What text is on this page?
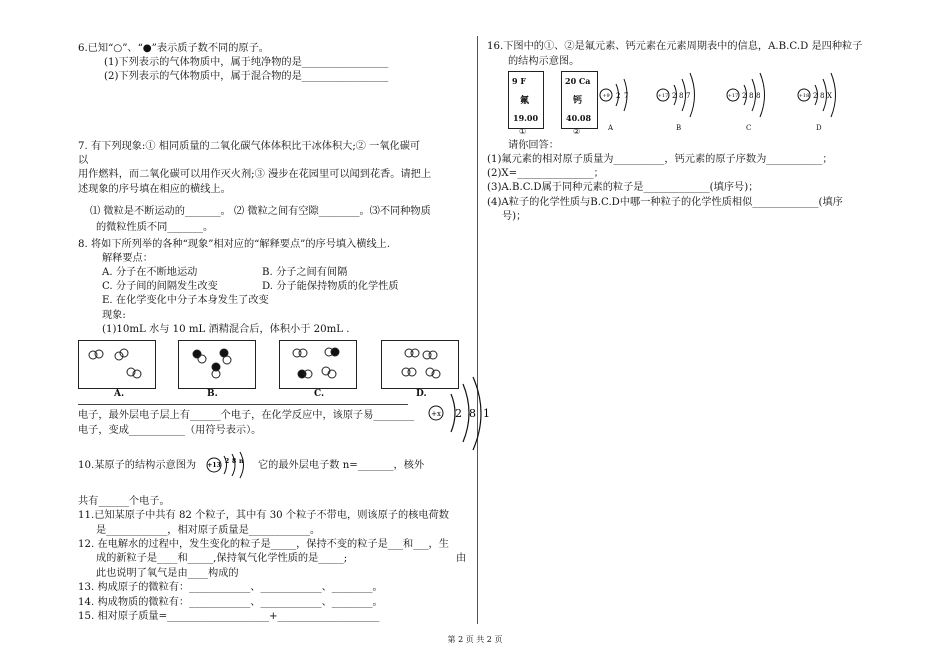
6.已知“○”、“●”表示质子数不同的原子。
(1)下列表示的气体物质中，属于纯净物的是_________________
(2)下列表示的气体物质中，属于混合物的是_________________
7. 有下列现象:① 相同质量的二氧化碳气体体积比干冰体积大;② 一氧化碳可
以
用作燃料，而二氧化碳可以用作灭火剂;③ 漫步在花园里可以闻到花香。请把上
述现象的序号填在相应的横线上。
⑴ 微粒是不断运动的_______。 ⑵ 微粒之间有空隙________。⑶不同种物质
的微粒性质不同_______。
8. 将如下所列举的各种“现象”相对应的“解释要点”的序号填入横线上.
解释要点：
A. 分子在不断地运动	B. 分子之间有间隔
C. 分子间的间隔发生改变	D. 分子能保持物质的化学性质
E. 在化学变化中分子本身发生了改变
现象:
(1)10mL 水与 10 mL 酒精混合后，体积小于 20mL .
A.	B.	C.	D.
电子，最外层电子层上有______个电子，在化学反应中，该原子易________
电子，变成___________（用符号表示）。
+x 2 8 1
10.某原子的结构示意图为 +13
2 8 n 它的最外层电子数 n=_______，核外
共有______个电子。
11.已知某原子中共有 82 个粒子，其中有 30 个粒子不带电，则该原子的核电荷数
是____________，相对原子质量是____________。
12. 在电解水的过程中，发生变化的粒子是_____，保持不变的粒子是___和___，生
成的新粒子是____和_____,保持氧气化学性质的是_____;	由
此也说明了氧气是由____构成的
13. 构成原子的微粒有：____________、____________、________。
14. 构成物质的微粒有：____________、____________、________。
15. 相对原子质量=____________________+____________________
16.下图中的①、②是氟元素、钙元素在元素周期表中的信息，A.B.C.D 是四种粒子
的结构示意图。
9 F
氟
19.00
①
20 Ca
钙
40.08
②
+9 2 7
A
+17 2 8 7
B
+17 2 8 8
C
+18 2 8 X
D
请你回答：
(1)氟元素的相对原子质量为__________，钙元素的原子序数为___________；
(2)X=_______________；
(3)A.B.C.D属于同种元素的粒子是_____________(填序号)；
(4)A粒子的化学性质与B.C.D中哪一种粒子的化学性质相似_____________(填序
号)；
第 2 页 共 2 页
